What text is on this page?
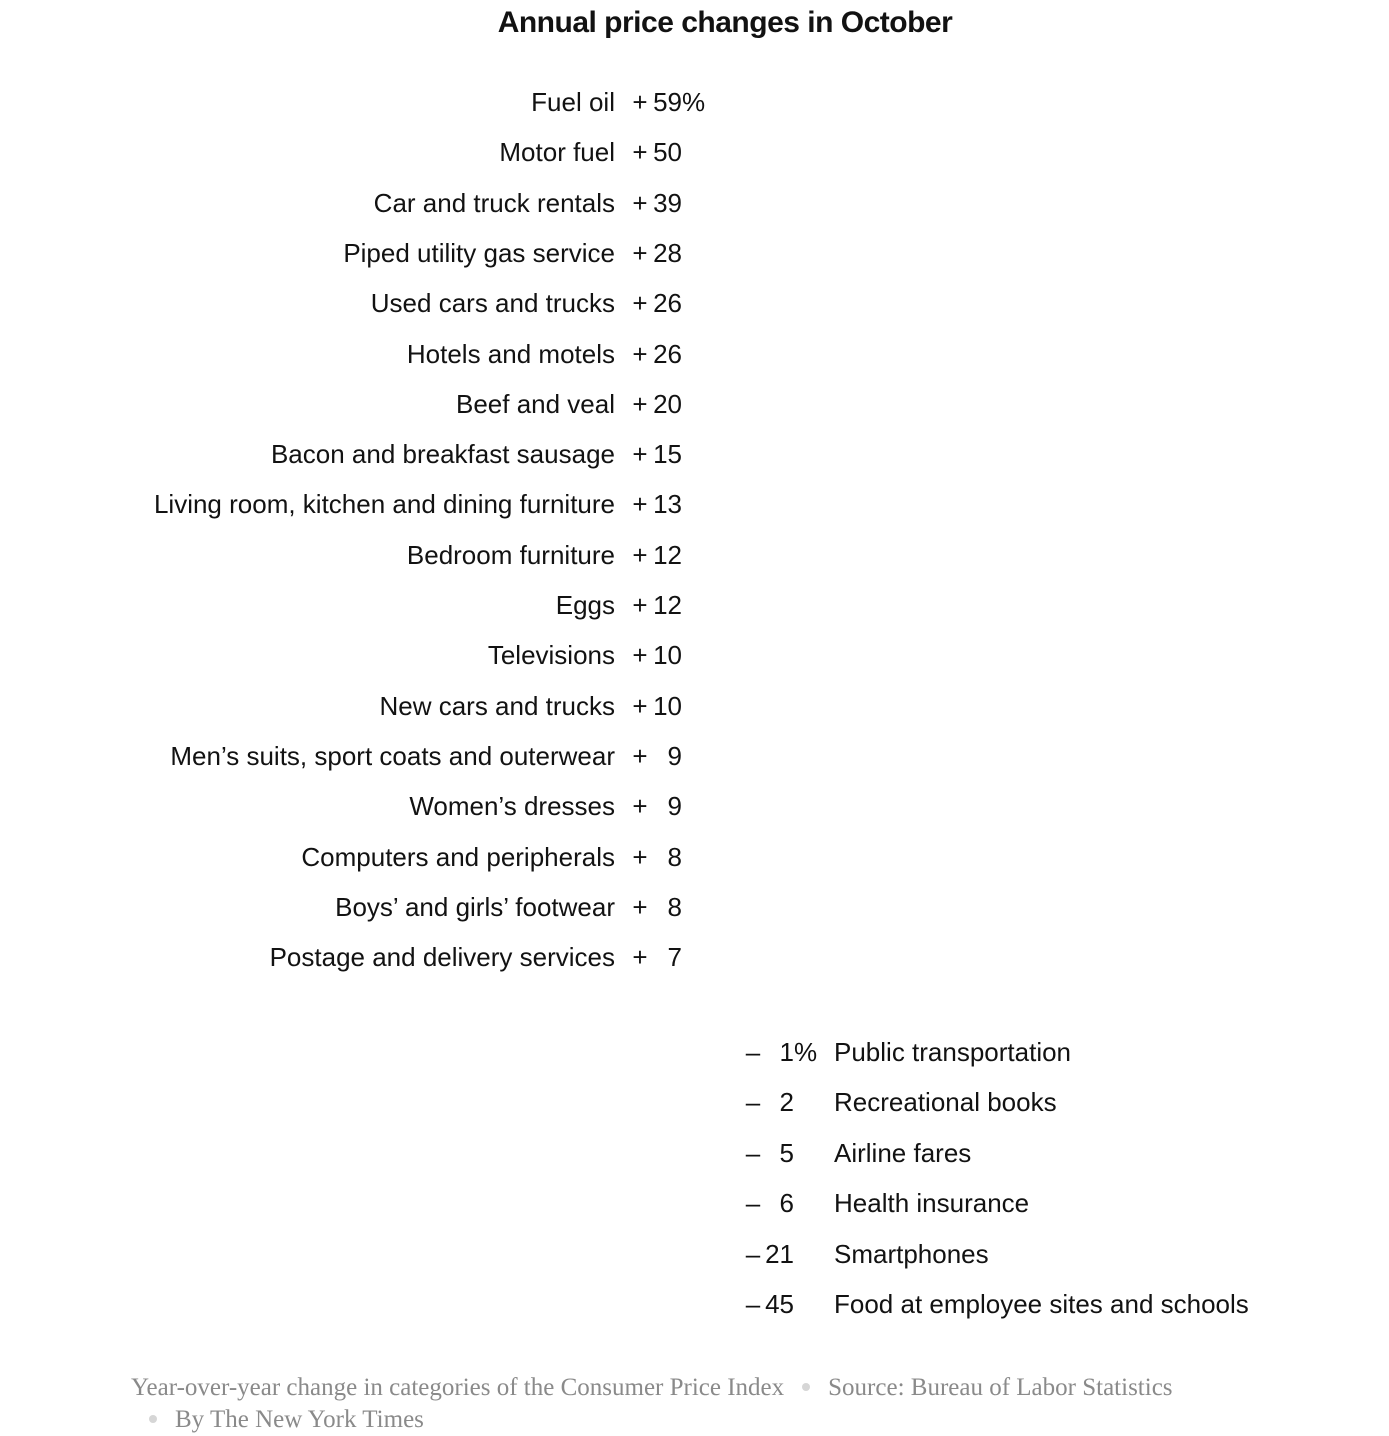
Annual price changes in October
Fuel oil + 59 %
Motor fuel + 50
Car and truck rentals + 39
Piped utility gas service + 28
Used cars and trucks + 26
Hotels and motels + 26
Beef and veal + 20
Bacon and breakfast sausage + 15
Living room, kitchen and dining furniture + 13
Bedroom furniture + 12
Eggs + 12
Televisions + 10
New cars and trucks + 10
Men’s suits, sport coats and outerwear + 9
Women’s dresses + 9
Computers and peripherals + 8
Boys’ and girls’ footwear + 8
Postage and delivery services + 7
– 1 % Public transportation
– 2 Recreational books
– 5 Airline fares
– 6 Health insurance
– 21 Smartphones
– 45 Food at employee sites and schools
Year-over-year change in categories of the Consumer Price Index Source: Bureau of Labor StatisticsBy The New York Times
